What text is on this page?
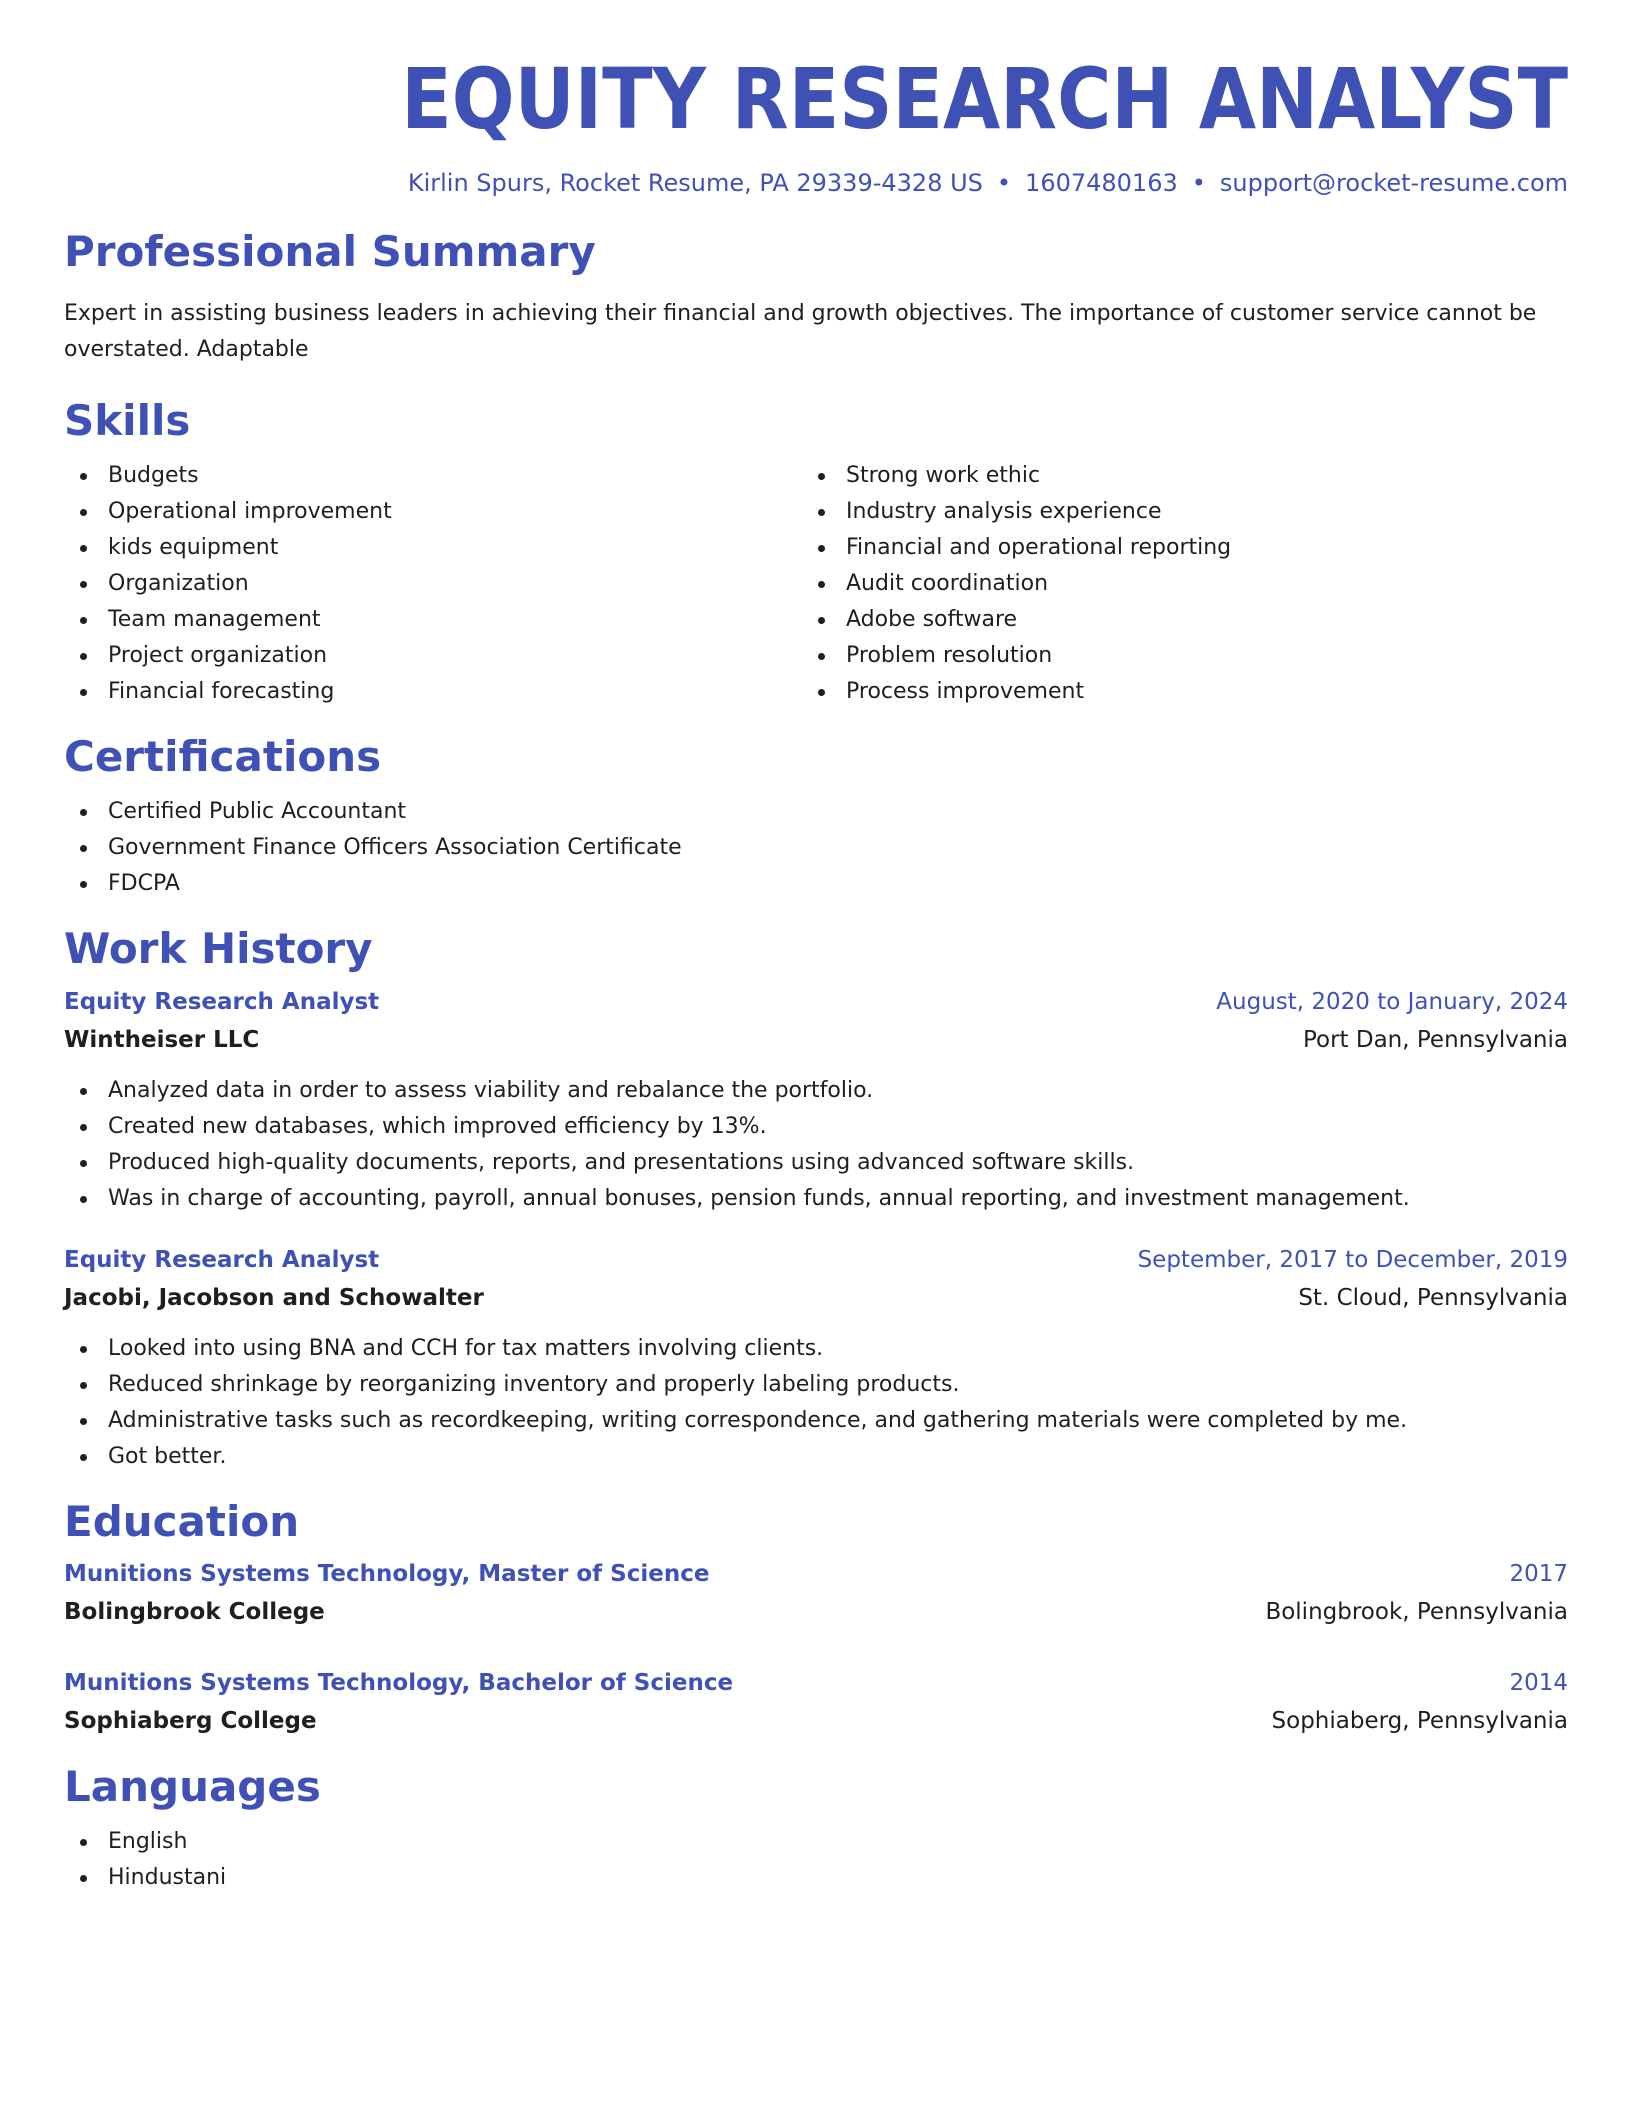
EQUITY RESEARCH ANALYST
Kirlin Spurs, Rocket Resume, PA 29339-4328 US • 1607480163 • support@rocket-resume.com
Professional Summary

Expert in assisting business leaders in achieving their financial and growth objectives. The importance of customer service cannot be overstated. Adaptable

Skills
Budgets
Operational improvement
kids equipment
Organization
Team management
Project organization
Financial forecasting
Strong work ethic
Industry analysis experience
Financial and operational reporting
Audit coordination
Adobe software
Problem resolution
Process improvement
Certifications
Certified Public Accountant
Government Finance Officers Association Certificate
FDCPA
Work History
Equity Research Analyst	August, 2020 to January, 2024
Wintheiser LLC	Port Dan, Pennsylvania
Analyzed data in order to assess viability and rebalance the portfolio.
Created new databases, which improved efficiency by 13%.
Produced high-quality documents, reports, and presentations using advanced software skills.
Was in charge of accounting, payroll, annual bonuses, pension funds, annual reporting, and investment management.
Equity Research Analyst	September, 2017 to December, 2019
Jacobi, Jacobson and Schowalter	St. Cloud, Pennsylvania
Looked into using BNA and CCH for tax matters involving clients.
Reduced shrinkage by reorganizing inventory and properly labeling products.
Administrative tasks such as recordkeeping, writing correspondence, and gathering materials were completed by me.
Got better.
Education
Munitions Systems Technology, Master of Science	2017
Bolingbrook College	Bolingbrook, Pennsylvania
Munitions Systems Technology, Bachelor of Science	2014
Sophiaberg College	Sophiaberg, Pennsylvania
Languages
English
Hindustani
